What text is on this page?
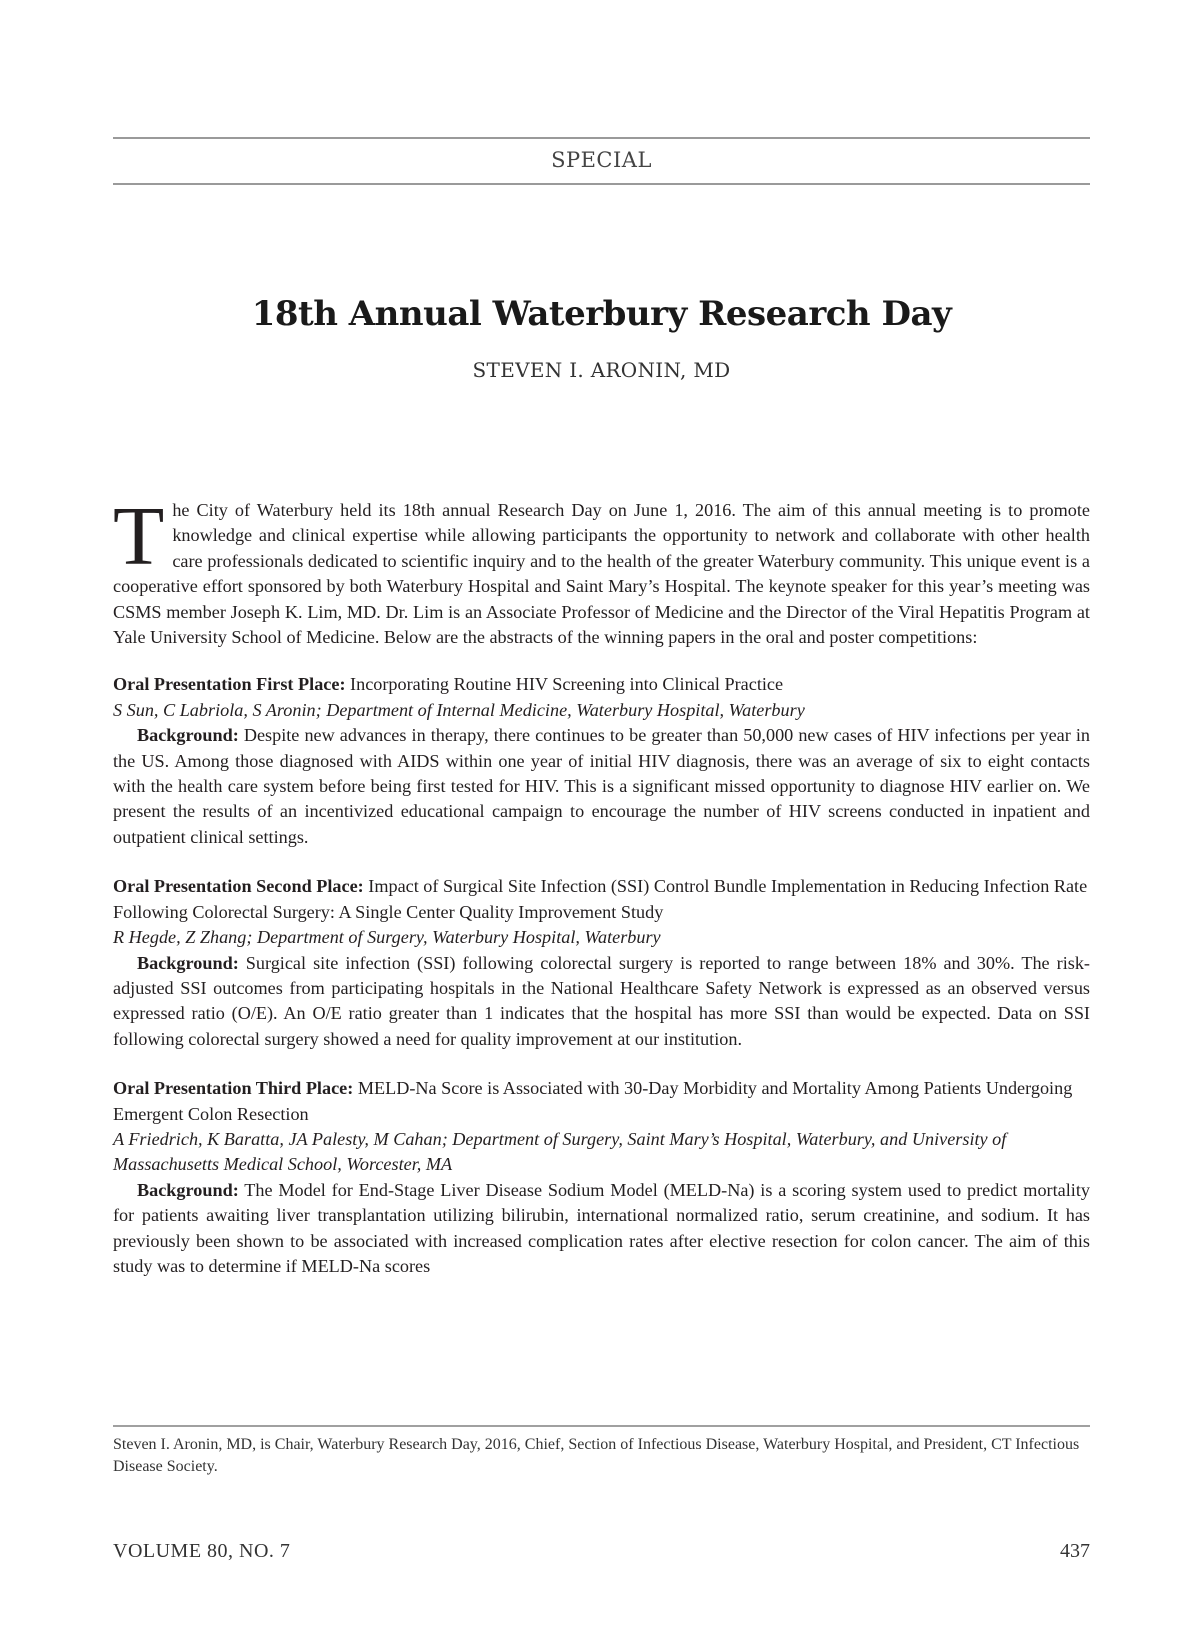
SPECIAL
18th Annual Waterbury Research Day
STEVEN I. ARONIN, MD

The City of Waterbury held its 18th annual Research Day on June 1, 2016. The aim of this annual meeting is to promote knowledge and clinical expertise while allowing participants the opportunity to network and collaborate with other health care professionals dedicated to scientific inquiry and to the health of the greater Waterbury community. This unique event is a cooperative effort sponsored by both Waterbury Hospital and Saint Mary’s Hospital. The keynote speaker for this year’s meeting was CSMS member Joseph K. Lim, MD. Dr. Lim is an Associate Professor of Medicine and the Director of the Viral Hepatitis Program at Yale University School of Medicine. Below are the abstracts of the winning papers in the oral and poster competitions:

Oral Presentation First Place: Incorporating Routine HIV Screening into Clinical Practice

S Sun, C Labriola, S Aronin; Department of Internal Medicine, Waterbury Hospital, Waterbury

Background: Despite new advances in therapy, there continues to be greater than 50,000 new cases of HIV infections per year in the US. Among those diagnosed with AIDS within one year of initial HIV diagnosis, there was an average of six to eight contacts with the health care system before being first tested for HIV. This is a significant missed opportunity to diagnose HIV earlier on. We present the results of an incentivized educational campaign to encourage the number of HIV screens conducted in inpatient and outpatient clinical settings.

Oral Presentation Second Place: Impact of Surgical Site Infection (SSI) Control Bundle Implementation in Reducing Infection Rate Following Colorectal Surgery: A Single Center Quality Improvement Study

R Hegde, Z Zhang; Department of Surgery, Waterbury Hospital, Waterbury

Background: Surgical site infection (SSI) following colorectal surgery is reported to range between 18% and 30%. The risk-adjusted SSI outcomes from participating hospitals in the National Healthcare Safety Network is expressed as an observed versus expressed ratio (O/E). An O/E ratio greater than 1 indicates that the hospital has more SSI than would be expected. Data on SSI following colorectal surgery showed a need for quality improvement at our institution.

Oral Presentation Third Place: MELD-Na Score is Associated with 30-Day Morbidity and Mortality Among Patients Undergoing Emergent Colon Resection

A Friedrich, K Baratta, JA Palesty, M Cahan; Department of Surgery, Saint Mary’s Hospital, Waterbury, and University of Massachusetts Medical School, Worcester, MA

Background: The Model for End-Stage Liver Disease Sodium Model (MELD-Na) is a scoring system used to predict mortality for patients awaiting liver transplantation utilizing bilirubin, international normalized ratio, serum creatinine, and sodium. It has previously been shown to be associated with increased complication rates after elective resection for colon cancer. The aim of this study was to determine if MELD-Na scores

Steven I. Aronin, MD, is Chair, Waterbury Research Day, 2016, Chief, Section of Infectious Disease, Waterbury Hospital, and President, CT Infectious Disease Society.
VOLUME 80, NO. 7	437
